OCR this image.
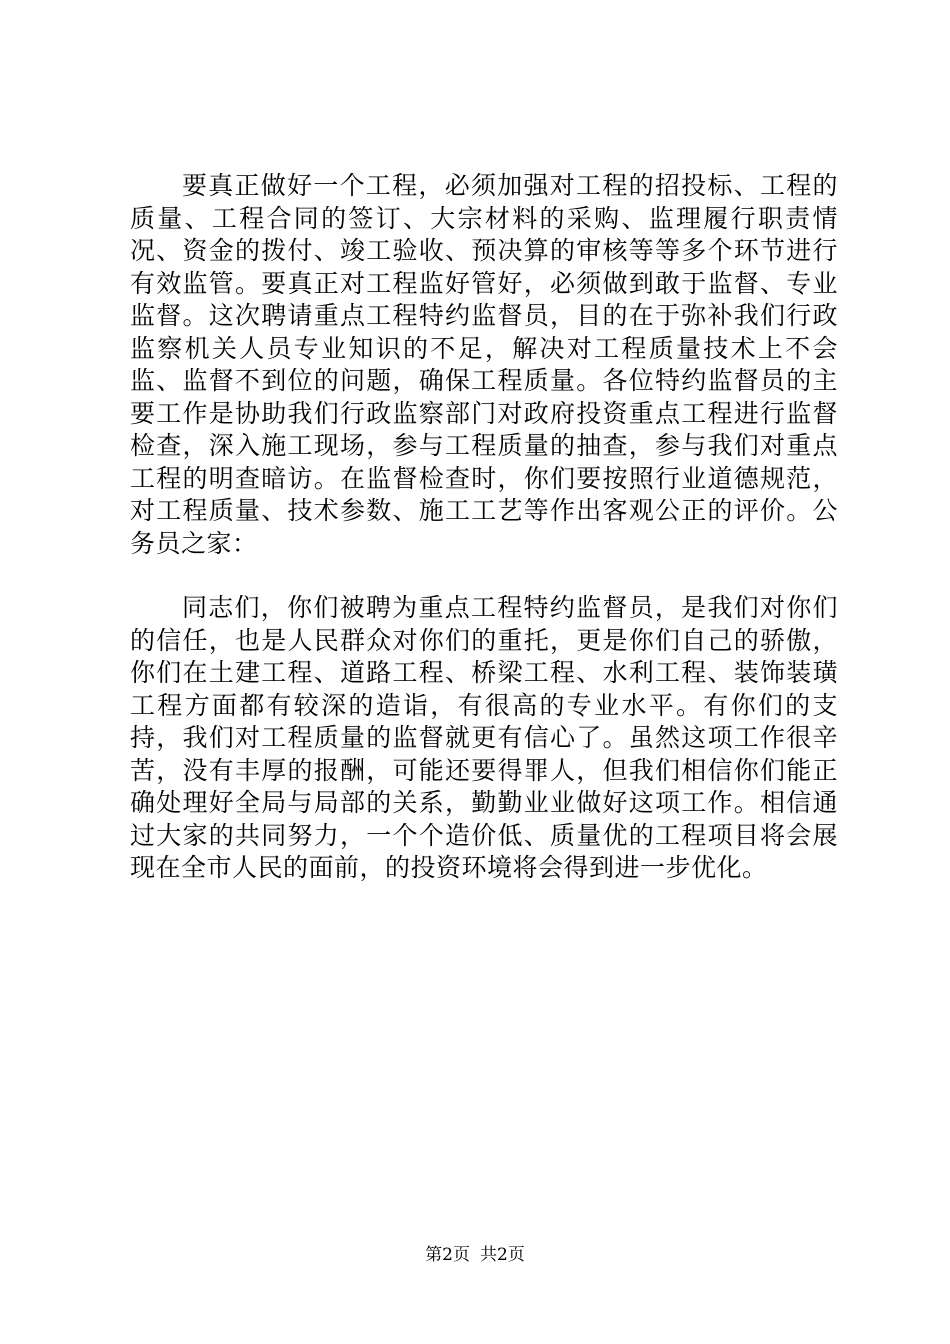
要真正做好一个工程，必须加强对工程的招投标、工程的质量、工程合同的签订、大宗材料的采购、监理履行职责情况、资金的拨付、竣工验收、预决算的审核等等多个环节进行有效监管。要真正对工程监好管好，必须做到敢于监督、专业监督。这次聘请重点工程特约监督员，目的在于弥补我们行政监察机关人员专业知识的不足，解决对工程质量技术上不会监、监督不到位的问题，确保工程质量。各位特约监督员的主要工作是协助我们行政监察部门对政府投资重点工程进行监督检查，深入施工现场，参与工程质量的抽查，参与我们对重点工程的明查暗访。在监督检查时，你们要按照行业道德规范，对工程质量、技术参数、施工工艺等作出客观公正的评价。公务员之家：

同志们，你们被聘为重点工程特约监督员，是我们对你们的信任，也是人民群众对你们的重托，更是你们自己的骄傲，你们在土建工程、道路工程、桥梁工程、水利工程、装饰装璜工程方面都有较深的造诣，有很高的专业水平。有你们的支持，我们对工程质量的监督就更有信心了。虽然这项工作很辛苦，没有丰厚的报酬，可能还要得罪人，但我们相信你们能正确处理好全局与局部的关系，勤勤业业做好这项工作。相信通过大家的共同努力，一个个造价低、质量优的工程项目将会展现在全市人民的面前，的投资环境将会得到进一步优化。

第2页 共2页
